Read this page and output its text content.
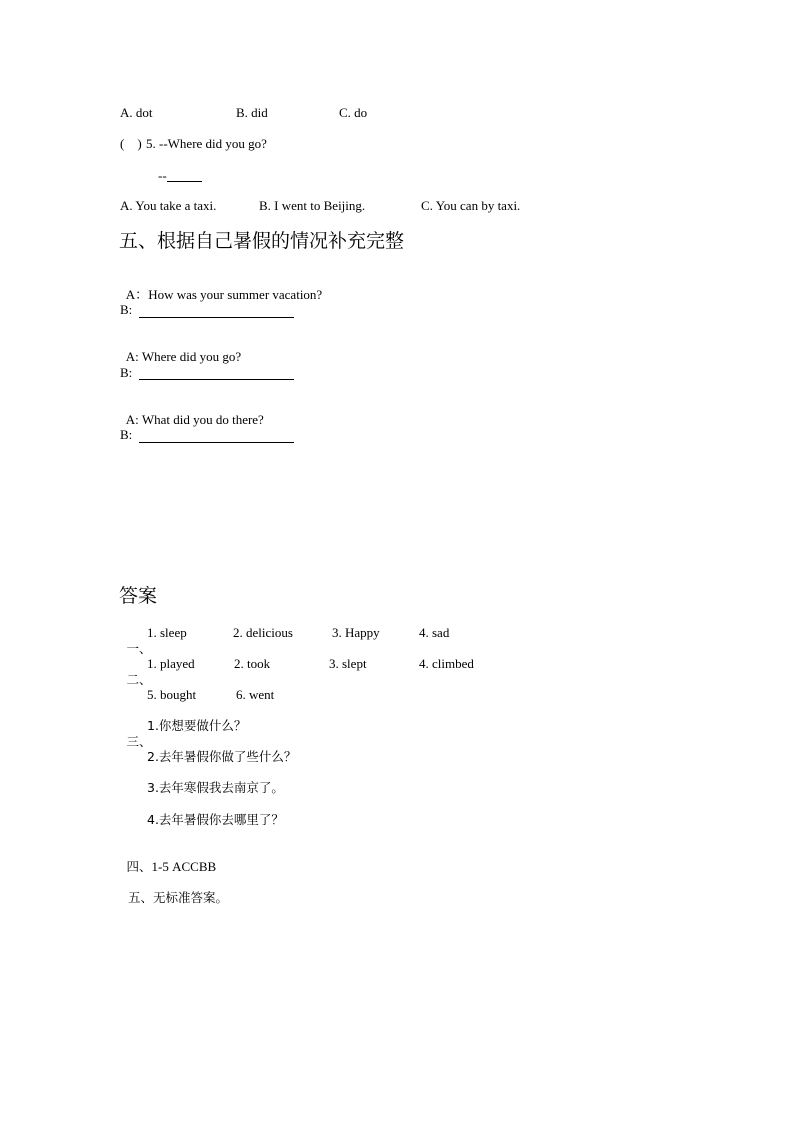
A. dot	B. did	C. do
(    ) 5. --Where did you go?
--
A. You take a taxi.	B. I went to Beijing.	C. You can by taxi.
五、根据自己暑假的情况补充完整

A：How was your summer vacation?

B:

A: Where did you go?

B:

A: What did you do there?

B:
答案

一、

1. sleep	2. delicious	3. Happy	4. sad

二、

1. played	2. took	3. slept	4. climbed
5. bought	6. went

三、

1.你想要做什么？
2.去年暑假你做了些什么？
3.去年寒假我去南京了。
4.去年暑假你去哪里了？

四、1-5 ACCBB

五、无标准答案。
